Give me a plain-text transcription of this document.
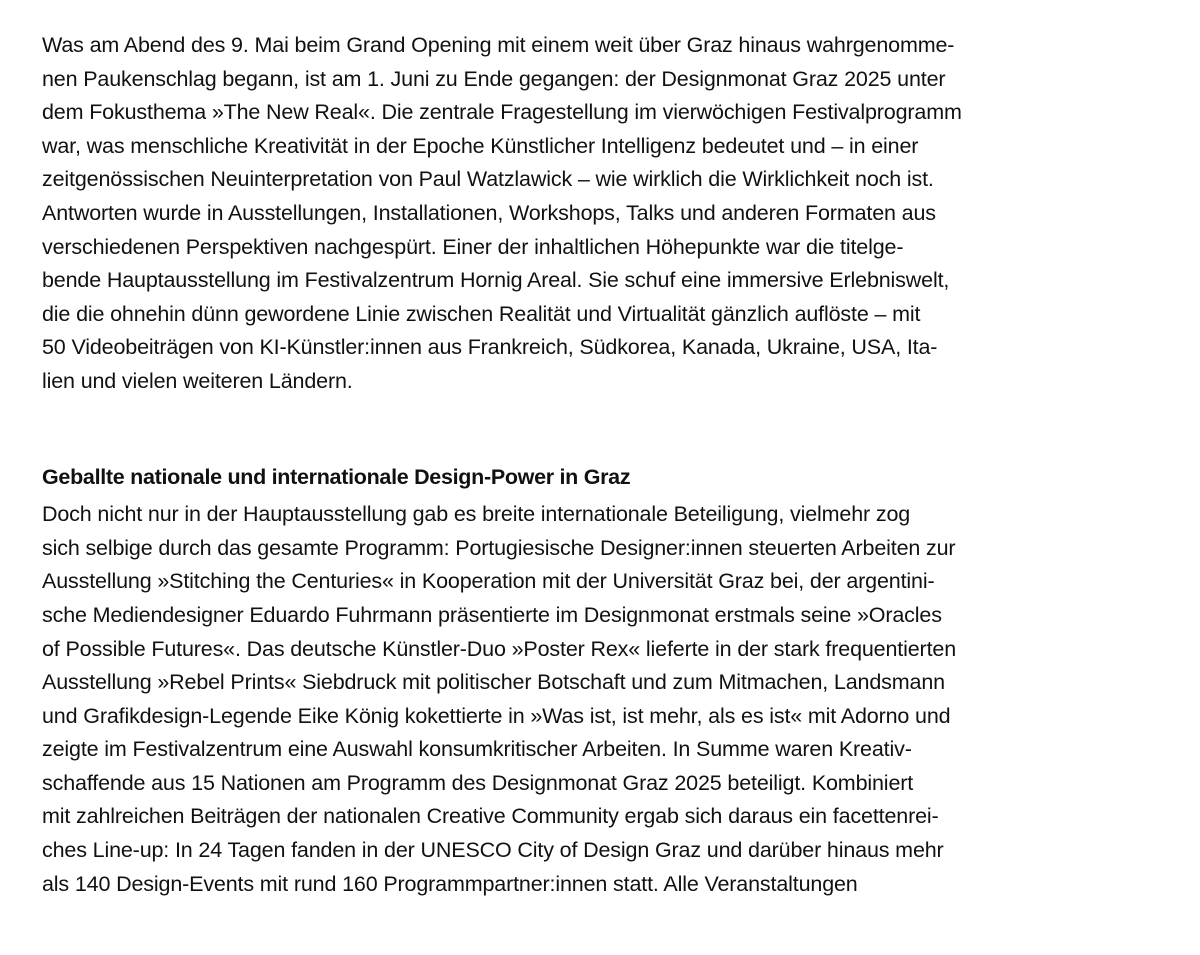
Was am Abend des 9. Mai beim Grand Opening mit einem weit über Graz hinaus wahrgenomme-
nen Paukenschlag begann, ist am 1. Juni zu Ende gegangen: der Designmonat Graz 2025 unter
dem Fokusthema »The New Real«. Die zentrale Fragestellung im vierwöchigen Festivalprogramm
war, was menschliche Kreativität in der Epoche Künstlicher Intelligenz bedeutet und – in einer
zeitgenössischen Neuinterpretation von Paul Watzlawick – wie wirklich die Wirklichkeit noch ist.
Antworten wurde in Ausstellungen, Installationen, Workshops, Talks und anderen Formaten aus
verschiedenen Perspektiven nachgespürt. Einer der inhaltlichen Höhepunkte war die titelge-
bende Hauptausstellung im Festivalzentrum Hornig Areal. Sie schuf eine immersive Erlebniswelt,
die die ohnehin dünn gewordene Linie zwischen Realität und Virtualität gänzlich auflöste – mit
50 Videobeiträgen von KI-Künstler:innen aus Frankreich, Südkorea, Kanada, Ukraine, USA, Ita-
lien und vielen weiteren Ländern.

Geballte nationale und internationale Design-Power in Graz

Doch nicht nur in der Hauptausstellung gab es breite internationale Beteiligung, vielmehr zog
sich selbige durch das gesamte Programm: Portugiesische Designer:innen steuerten Arbeiten zur
Ausstellung »Stitching the Centuries« in Kooperation mit der Universität Graz bei, der argentini-
sche Mediendesigner Eduardo Fuhrmann präsentierte im Designmonat erstmals seine »Oracles
of Possible Futures«. Das deutsche Künstler-Duo »Poster Rex« lieferte in der stark frequentierten
Ausstellung »Rebel Prints« Siebdruck mit politischer Botschaft und zum Mitmachen, Landsmann
und Grafikdesign-Legende Eike König kokettierte in »Was ist, ist mehr, als es ist« mit Adorno und
zeigte im Festivalzentrum eine Auswahl konsumkritischer Arbeiten. In Summe waren Kreativ-
schaffende aus 15 Nationen am Programm des Designmonat Graz 2025 beteiligt. Kombiniert
mit zahlreichen Beiträgen der nationalen Creative Community ergab sich daraus ein facettenrei-
ches Line-up: In 24 Tagen fanden in der UNESCO City of Design Graz und darüber hinaus mehr
als 140 Design-Events mit rund 160 Programmpartner:innen statt. Alle Veranstaltungen
